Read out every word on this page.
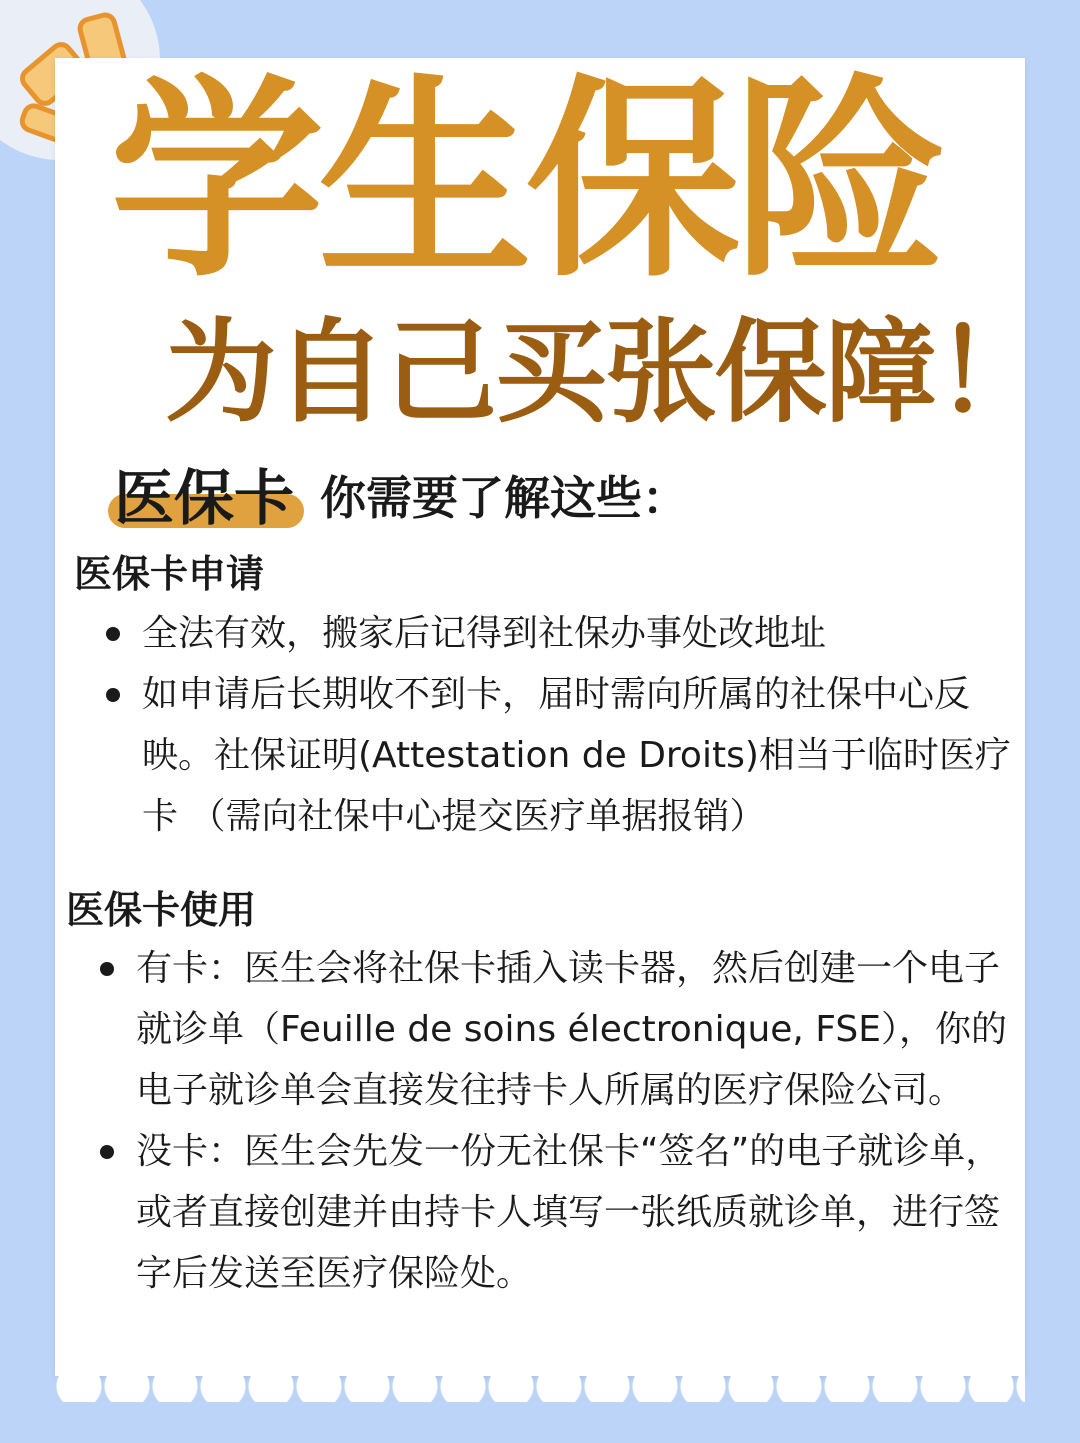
学生保险
为自己买张保障！
医保卡 你需要了解这些：
医保卡申请
全法有效，搬家后记得到社保办事处改地址
如申请后长期收不到卡，届时需向所属的社保中心反映。社保证明(Attestation de Droits)相当于临时医疗卡 （需向社保中心提交医疗单据报销）
医保卡使用
有卡：医生会将社保卡插入读卡器，然后创建一个电子就诊单（Feuille de soins électronique, FSE），你的电子就诊单会直接发往持卡人所属的医疗保险公司。
没卡：医生会先发一份无社保卡“签名”的电子就诊单，或者直接创建并由持卡人填写一张纸质就诊单，进行签字后发送至医疗保险处。
